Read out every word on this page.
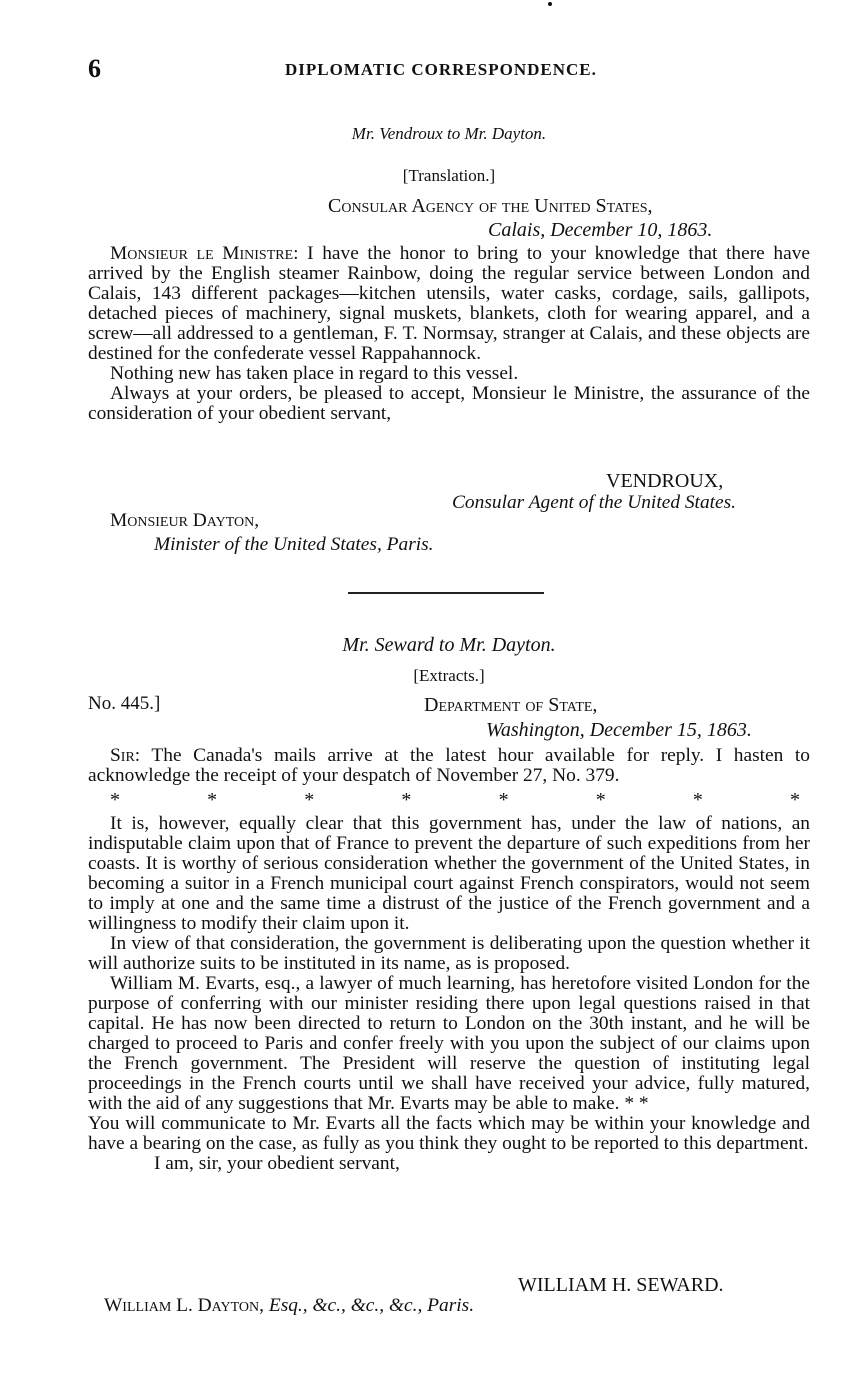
6	DIPLOMATIC CORRESPONDENCE.
Mr. Vendroux to Mr. Dayton.
[Translation.]
Consular Agency of the United States,
Calais, December 10, 1863.

Monsieur le Ministre: I have the honor to bring to your knowledge that there have arrived by the English steamer Rainbow, doing the regular service between London and Calais, 143 different packages—kitchen utensils, water casks, cordage, sails, gallipots, detached pieces of machinery, signal muskets, blankets, cloth for wearing apparel, and a screw—all addressed to a gentleman, F. T. Normsay, stranger at Calais, and these objects are destined for the confederate vessel Rappahannock.

Nothing new has taken place in regard to this vessel.

Always at your orders, be pleased to accept, Monsieur le Ministre, the assurance of the consideration of your obedient servant,

VENDROUX,
Consular Agent of the United States.
Monsieur Dayton,
Minister of the United States, Paris.
Mr. Seward to Mr. Dayton.
[Extracts.]
No. 445.]	Department of State,
Washington, December 15, 1863.

Sir: The Canada's mails arrive at the latest hour available for reply. I hasten to acknowledge the receipt of your despatch of November 27, No. 379.

*	*	*	*	*	*	*	*

It is, however, equally clear that this government has, under the law of nations, an indisputable claim upon that of France to prevent the departure of such expeditions from her coasts. It is worthy of serious consideration whether the government of the United States, in becoming a suitor in a French municipal court against French conspirators, would not seem to imply at one and the same time a distrust of the justice of the French government and a willingness to modify their claim upon it.

In view of that consideration, the government is deliberating upon the question whether it will authorize suits to be instituted in its name, as is proposed.

William M. Evarts, esq., a lawyer of much learning, has heretofore visited London for the purpose of conferring with our minister residing there upon legal questions raised in that capital. He has now been directed to return to London on the 30th instant, and he will be charged to proceed to Paris and confer freely with you upon the subject of our claims upon the French government. The President will reserve the question of instituting legal proceedings in the French courts until we shall have received your advice, fully matured, with the aid of any suggestions that Mr. Evarts may be able to make. * *

You will communicate to Mr. Evarts all the facts which may be within your knowledge and have a bearing on the case, as fully as you think they ought to be reported to this department.

I am, sir, your obedient servant,

WILLIAM H. SEWARD.
William L. Dayton, Esq., &c., &c., &c., Paris.
